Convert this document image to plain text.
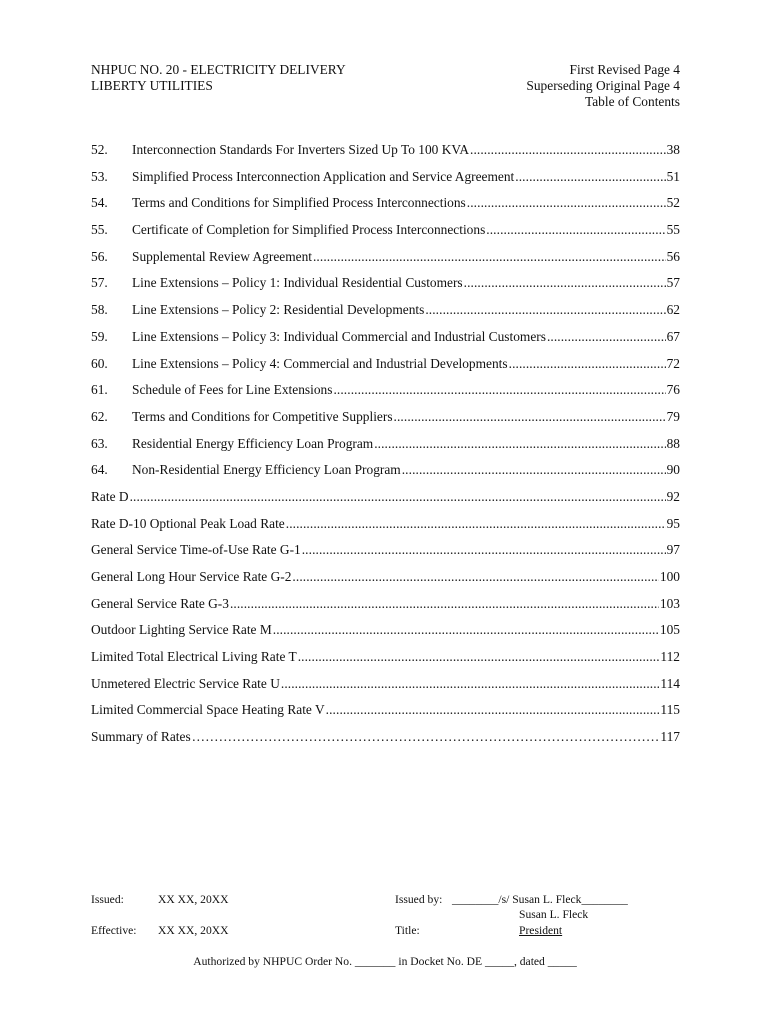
NHPUC NO. 20 - ELECTRICITY DELIVERY
LIBERTY UTILITIES
First Revised Page 4
Superseding Original Page 4
Table of Contents
52.	Interconnection Standards For Inverters Sized Up To 100 KVA .....	38
53.	Simplified Process Interconnection Application and Service Agreement .....	51
54.	Terms and Conditions for Simplified Process Interconnections .....	52
55.	Certificate of Completion for Simplified Process Interconnections .....	55
56.	Supplemental Review Agreement .....	56
57.	Line Extensions – Policy 1: Individual Residential Customers .....	57
58.	Line Extensions – Policy 2: Residential Developments .....	62
59.	Line Extensions – Policy 3: Individual Commercial and Industrial Customers .....	67
60.	Line Extensions – Policy 4: Commercial and Industrial Developments .....	72
61.	Schedule of Fees for Line Extensions .....	76
62.	Terms and Conditions for Competitive Suppliers .....	79
63.	Residential Energy Efficiency Loan Program .....	88
64.	Non-Residential Energy Efficiency Loan Program .....	90
Rate D .....	92
Rate D-10 Optional Peak Load Rate .....	95
General Service Time-of-Use Rate G-1 .....	97
General Long Hour Service Rate G-2 .....	100
General Service Rate G-3 .....	103
Outdoor Lighting Service Rate M .....	105
Limited Total Electrical Living Rate T .....	112
Unmetered Electric Service Rate U .....	114
Limited Commercial Space Heating Rate V .....	115
Summary of Rates ……………………………………………………………………………………………………………………………………………………………………………………	117
Issued:	XX XX, 20XX	Issued by: ________/s/ Susan L. Fleck________
Susan L. Fleck
Effective: XX XX, 20XX	Title:	President
Authorized by NHPUC Order No. _______ in Docket No. DE _____, dated _____
